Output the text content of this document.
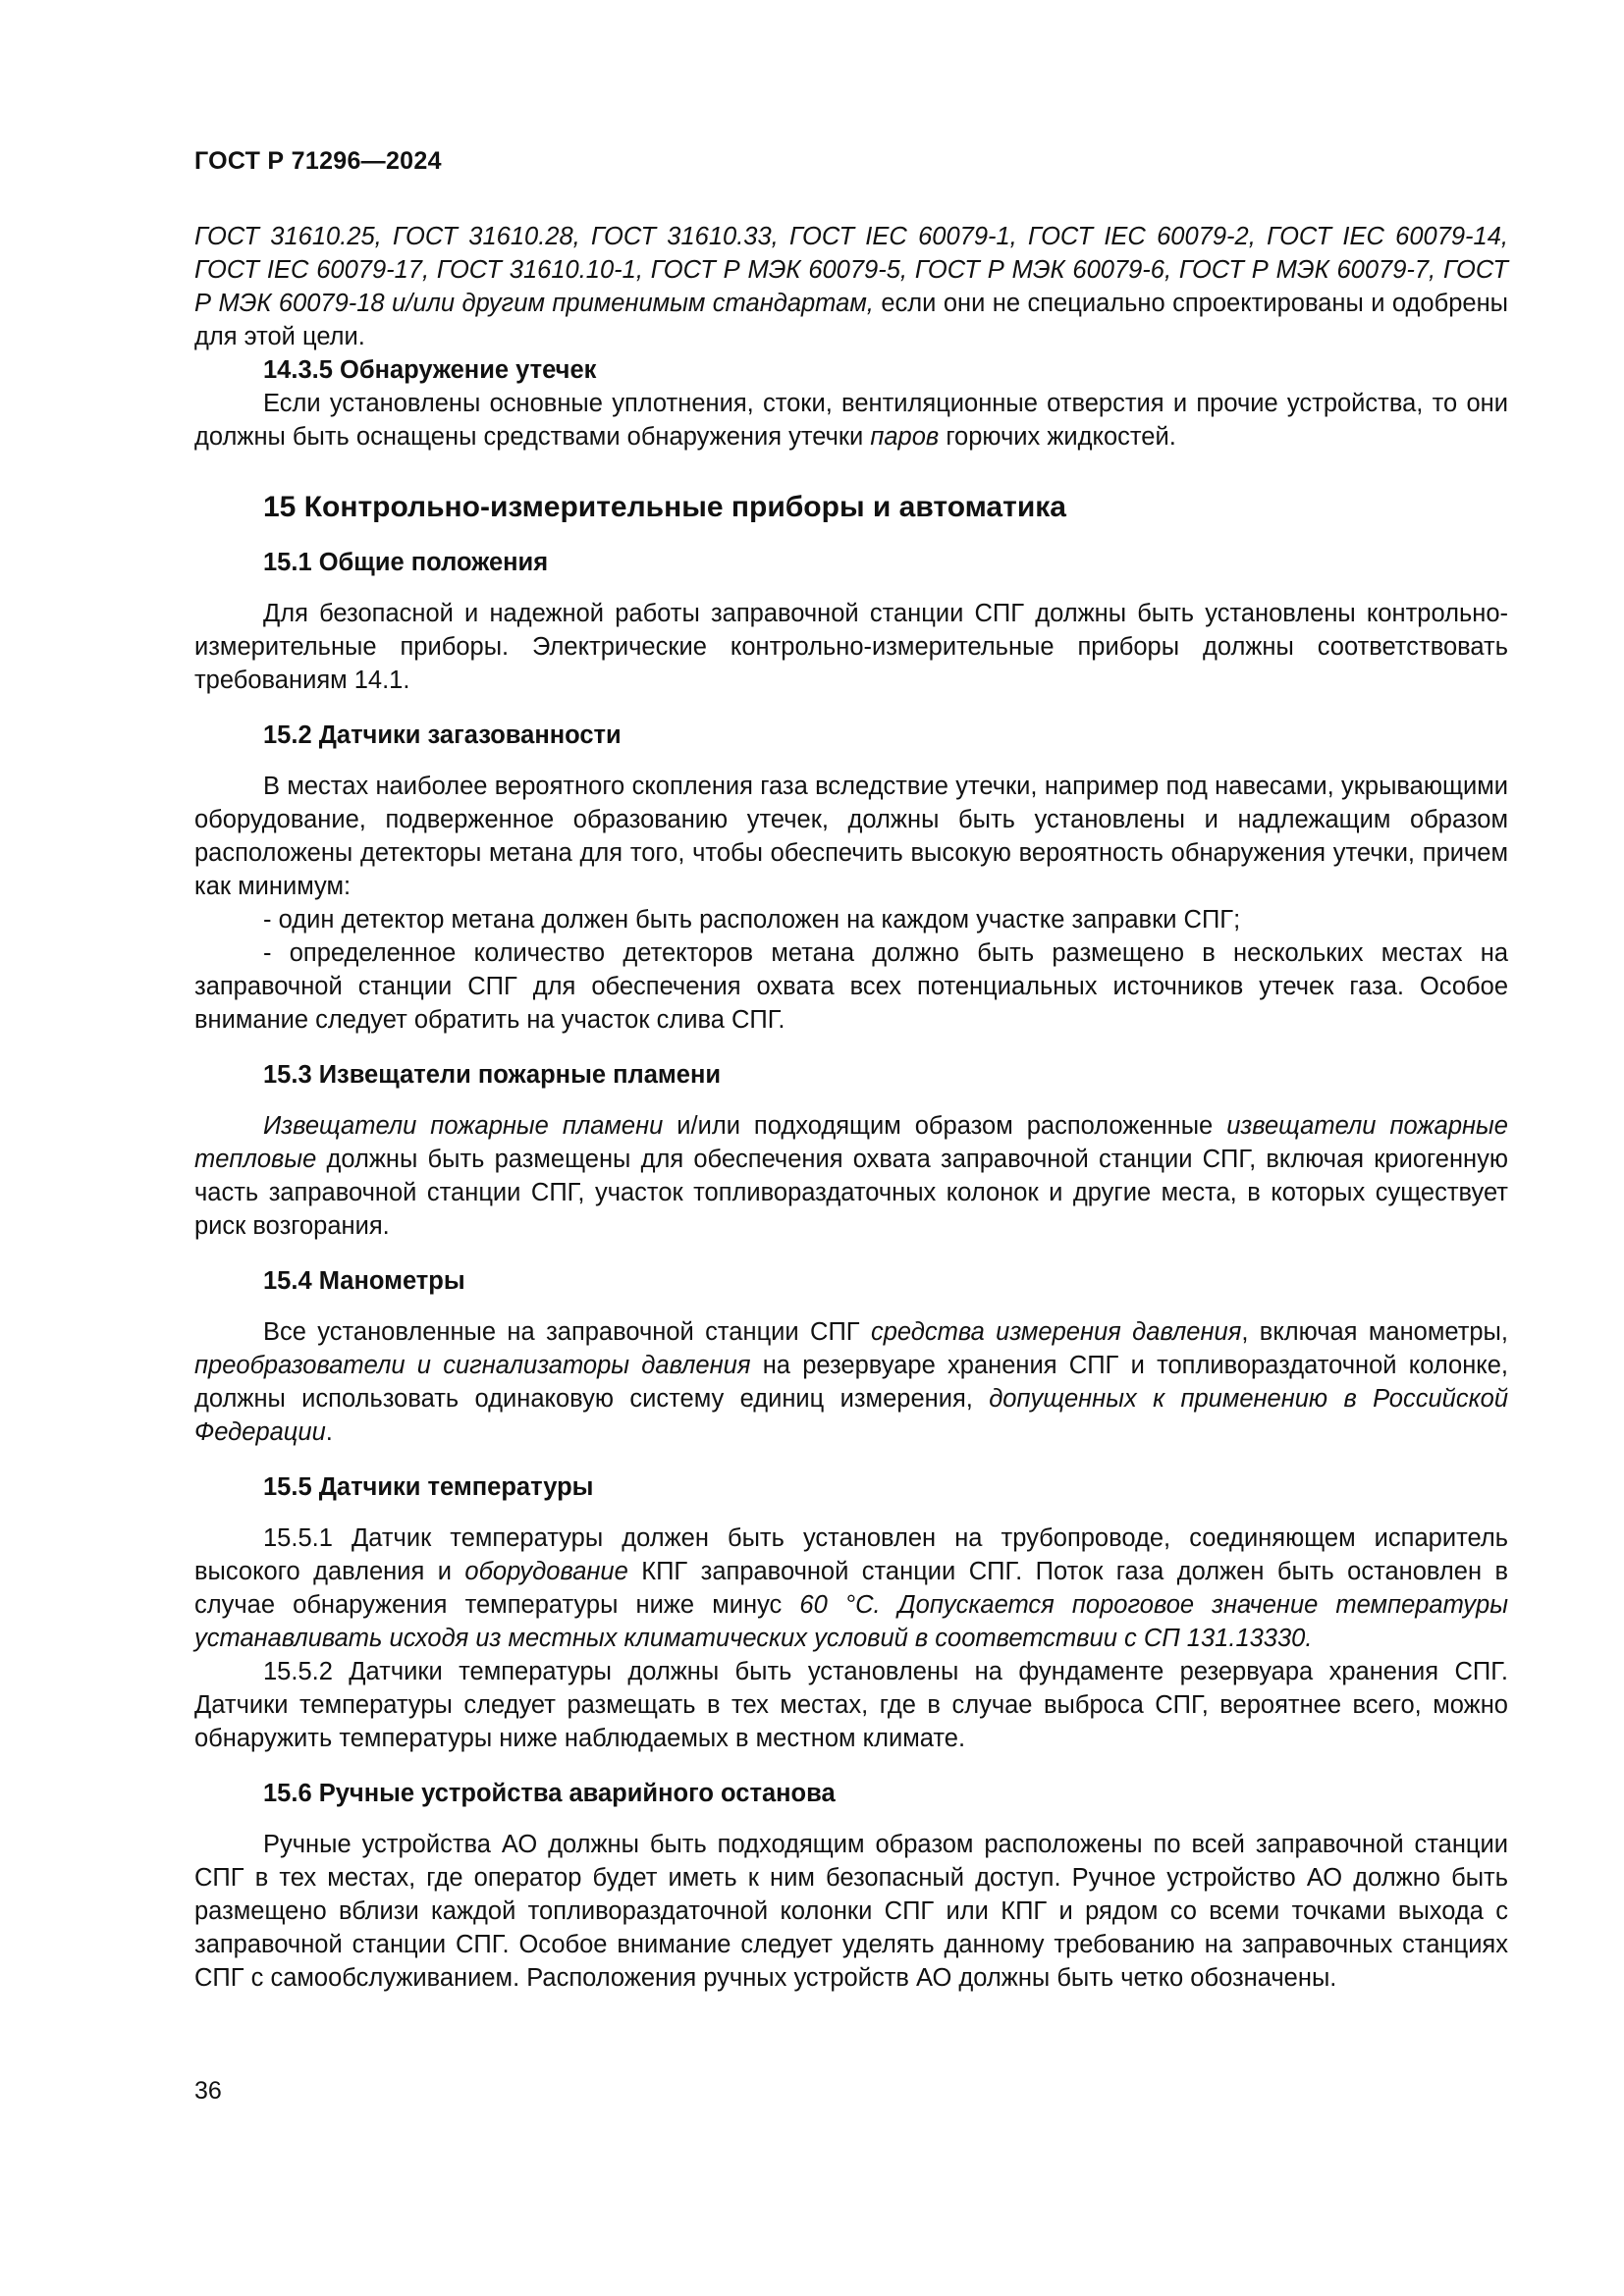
ГОСТ Р 71296—2024

ГОСТ 31610.25, ГОСТ 31610.28, ГОСТ 31610.33, ГОСТ IEC 60079-1, ГОСТ IEC 60079-2, ГОСТ IEC 60079-14, ГОСТ IEC 60079-17, ГОСТ 31610.10-1, ГОСТ Р МЭК 60079-5, ГОСТ Р МЭК 60079-6, ГОСТ Р МЭК 60079-7, ГОСТ Р МЭК 60079-18 и/или другим применимым стандартам, если они не специально спроектированы и одобрены для этой цели.

14.3.5 Обнаружение утечек

Если установлены основные уплотнения, стоки, вентиляционные отверстия и прочие устройства, то они должны быть оснащены средствами обнаружения утечки паров горючих жидкостей.

15 Контрольно-измерительные приборы и автоматика

15.1 Общие положения

Для безопасной и надежной работы заправочной станции СПГ должны быть установлены контрольно-измерительные приборы. Электрические контрольно-измерительные приборы должны соответствовать требованиям 14.1.

15.2 Датчики загазованности

В местах наиболее вероятного скопления газа вследствие утечки, например под навесами, укрывающими оборудование, подверженное образованию утечек, должны быть установлены и надлежащим образом расположены детекторы метана для того, чтобы обеспечить высокую вероятность обнаружения утечки, причем как минимум:

- один детектор метана должен быть расположен на каждом участке заправки СПГ;

- определенное количество детекторов метана должно быть размещено в нескольких местах на заправочной станции СПГ для обеспечения охвата всех потенциальных источников утечек газа. Особое внимание следует обратить на участок слива СПГ.

15.3 Извещатели пожарные пламени

Извещатели пожарные пламени и/или подходящим образом расположенные извещатели пожарные тепловые должны быть размещены для обеспечения охвата заправочной станции СПГ, включая криогенную часть заправочной станции СПГ, участок топливораздаточных колонок и другие места, в которых существует риск возгорания.

15.4 Манометры

Все установленные на заправочной станции СПГ средства измерения давления, включая манометры, преобразователи и сигнализаторы давления на резервуаре хранения СПГ и топливораздаточной колонке, должны использовать одинаковую систему единиц измерения, допущенных к применению в Российской Федерации.

15.5 Датчики температуры

15.5.1 Датчик температуры должен быть установлен на трубопроводе, соединяющем испаритель высокого давления и оборудование КПГ заправочной станции СПГ. Поток газа должен быть остановлен в случае обнаружения температуры ниже минус 60 °С. Допускается пороговое значение температуры устанавливать исходя из местных климатических условий в соответствии с СП 131.13330.

15.5.2 Датчики температуры должны быть установлены на фундаменте резервуара хранения СПГ. Датчики температуры следует размещать в тех местах, где в случае выброса СПГ, вероятнее всего, можно обнаружить температуры ниже наблюдаемых в местном климате.

15.6 Ручные устройства аварийного останова

Ручные устройства АО должны быть подходящим образом расположены по всей заправочной станции СПГ в тех местах, где оператор будет иметь к ним безопасный доступ. Ручное устройство АО должно быть размещено вблизи каждой топливораздаточной колонки СПГ или КПГ и рядом со всеми точками выхода с заправочной станции СПГ. Особое внимание следует уделять данному требованию на заправочных станциях СПГ с самообслуживанием. Расположения ручных устройств АО должны быть четко обозначены.

36
